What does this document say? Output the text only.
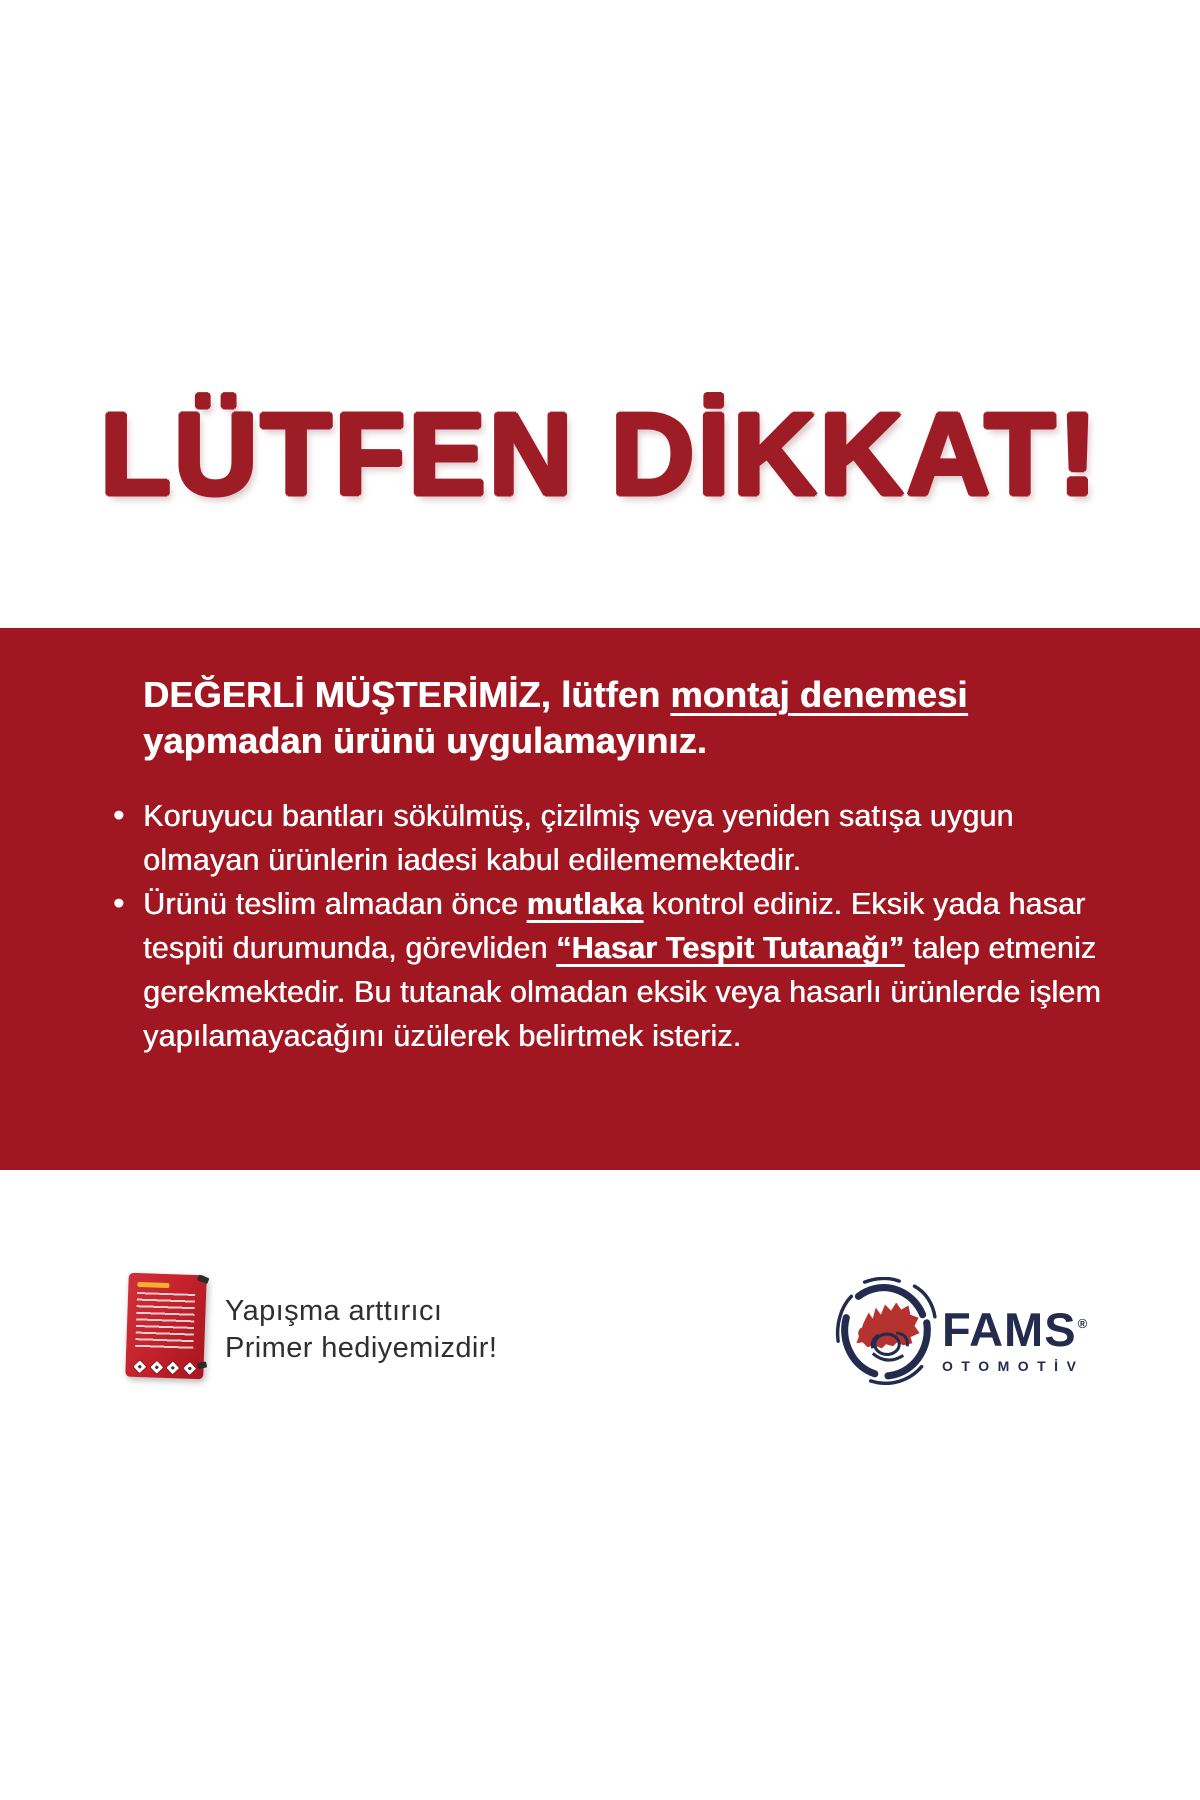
LÜTFEN DİKKAT!

DEĞERLİ MÜŞTERİMİZ, lütfen montaj denemesi
yapmadan ürünü uygulamayınız.

• Koruyucu bantları sökülmüş, çizilmiş veya yeniden satışa uygun olmayan ürünlerin iadesi kabul edilememektedir.
• Ürünü teslim almadan önce mutlaka kontrol ediniz. Eksik yada hasar tespiti durumunda, görevliden “Hasar Tespit Tutanağı” talep etmeniz gerekmektedir. Bu tutanak olmadan eksik veya hasarlı ürünlerde işlem yapılamayacağını üzülerek belirtmek isteriz.

Yapışma arttırıcı
Primer hediyemizdir!	FAMS®
OTOMOTİV
